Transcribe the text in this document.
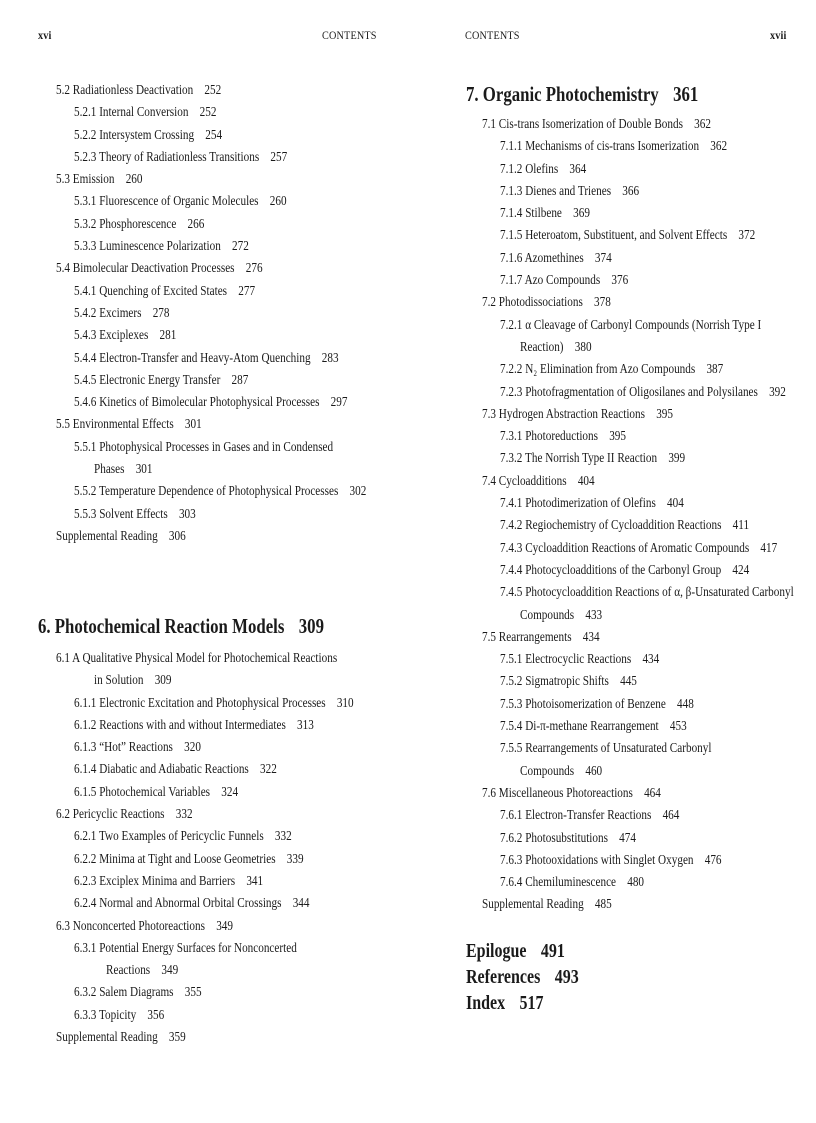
xvi	CONTENTS
5.2 Radiationless Deactivation 252
5.2.1 Internal Conversion 252
5.2.2 Intersystem Crossing 254
5.2.3 Theory of Radiationless Transitions 257
5.3 Emission 260
5.3.1 Fluorescence of Organic Molecules 260
5.3.2 Phosphorescence 266
5.3.3 Luminescence Polarization 272
5.4 Bimolecular Deactivation Processes 276
5.4.1 Quenching of Excited States 277
5.4.2 Excimers 278
5.4.3 Exciplexes 281
5.4.4 Electron-Transfer and Heavy-Atom Quenching 283
5.4.5 Electronic Energy Transfer 287
5.4.6 Kinetics of Bimolecular Photophysical Processes 297
5.5 Environmental Effects 301
5.5.1 Photophysical Processes in Gases and in Condensed
Phases 301
5.5.2 Temperature Dependence of Photophysical Processes 302
5.5.3 Solvent Effects 303
Supplemental Reading 306
6. Photochemical Reaction Models 309
6.1 A Qualitative Physical Model for Photochemical Reactions
in Solution 309
6.1.1 Electronic Excitation and Photophysical Processes 310
6.1.2 Reactions with and without Intermediates 313
6.1.3 “Hot” Reactions 320
6.1.4 Diabatic and Adiabatic Reactions 322
6.1.5 Photochemical Variables 324
6.2 Pericyclic Reactions 332
6.2.1 Two Examples of Pericyclic Funnels 332
6.2.2 Minima at Tight and Loose Geometries 339
6.2.3 Exciplex Minima and Barriers 341
6.2.4 Normal and Abnormal Orbital Crossings 344
6.3 Nonconcerted Photoreactions 349
6.3.1 Potential Energy Surfaces for Nonconcerted
Reactions 349
6.3.2 Salem Diagrams 355
6.3.3 Topicity 356
Supplemental Reading 359
CONTENTS	xvii
7. Organic Photochemistry 361
7.1 Cis-trans Isomerization of Double Bonds 362
7.1.1 Mechanisms of cis-trans Isomerization 362
7.1.2 Olefins 364
7.1.3 Dienes and Trienes 366
7.1.4 Stilbene 369
7.1.5 Heteroatom, Substituent, and Solvent Effects 372
7.1.6 Azomethines 374
7.1.7 Azo Compounds 376
7.2 Photodissociations 378
7.2.1 α Cleavage of Carbonyl Compounds (Norrish Type I
Reaction) 380
7.2.2 N₂ Elimination from Azo Compounds 387
7.2.3 Photofragmentation of Oligosilanes and Polysilanes 392
7.3 Hydrogen Abstraction Reactions 395
7.3.1 Photoreductions 395
7.3.2 The Norrish Type II Reaction 399
7.4 Cycloadditions 404
7.4.1 Photodimerization of Olefins 404
7.4.2 Regiochemistry of Cycloaddition Reactions 411
7.4.3 Cycloaddition Reactions of Aromatic Compounds 417
7.4.4 Photocycloadditions of the Carbonyl Group 424
7.4.5 Photocycloaddition Reactions of α, β-Unsaturated Carbonyl
Compounds 433
7.5 Rearrangements 434
7.5.1 Electrocyclic Reactions 434
7.5.2 Sigmatropic Shifts 445
7.5.3 Photoisomerization of Benzene 448
7.5.4 Di-π-methane Rearrangement 453
7.5.5 Rearrangements of Unsaturated Carbonyl
Compounds 460
7.6 Miscellaneous Photoreactions 464
7.6.1 Electron-Transfer Reactions 464
7.6.2 Photosubstitutions 474
7.6.3 Photooxidations with Singlet Oxygen 476
7.6.4 Chemiluminescence 480
Supplemental Reading 485
Epilogue 491
References 493
Index 517
